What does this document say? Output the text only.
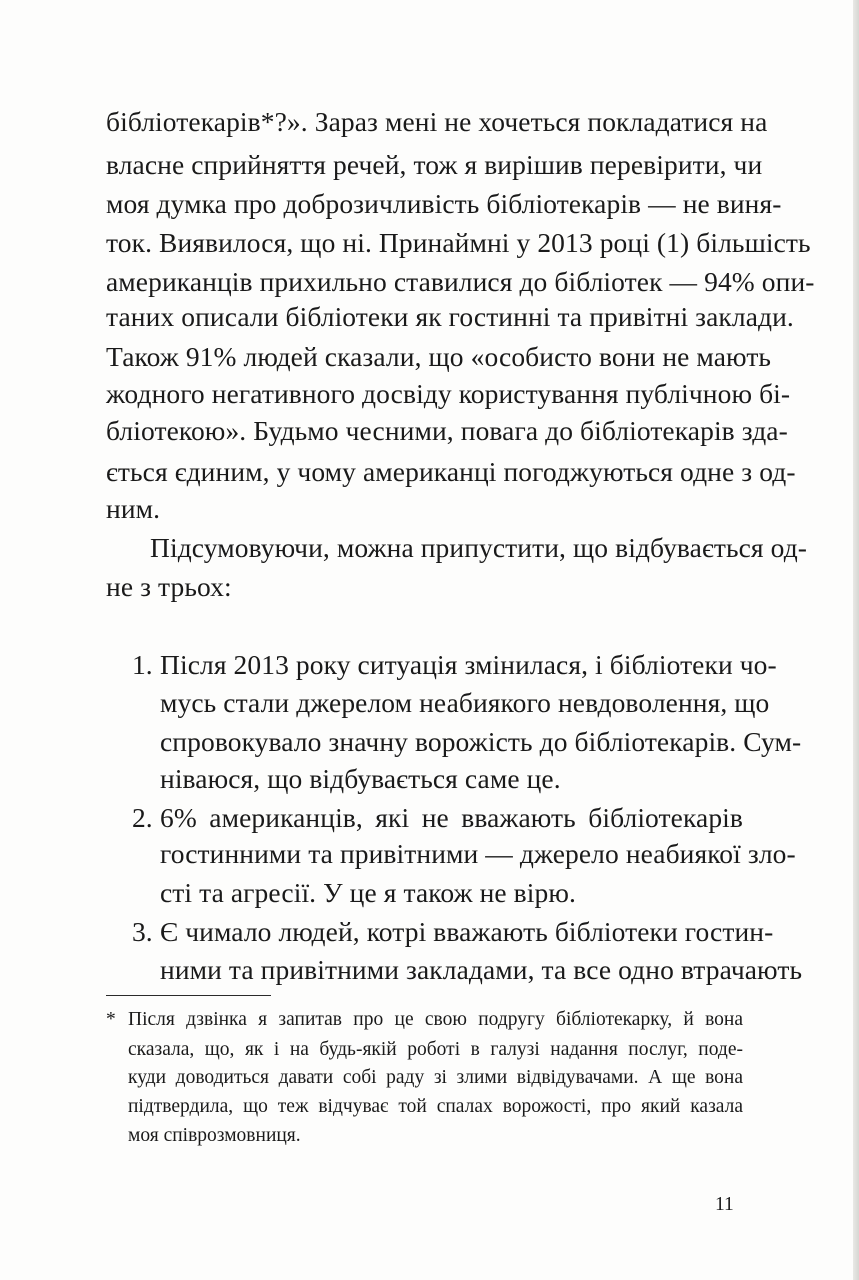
бібліотекарів*?». Зараз мені не хочеться покладатися на
власне сприйняття речей, тож я вирішив перевірити, чи
моя думка про доброзичливість бібліотекарів — не виня-
ток. Виявилося, що ні. Принаймні у 2013 році (1) більшість
американців прихильно ставилися до бібліотек — 94% опи-
таних описали бібліотеки як гостинні та привітні заклади.
Також 91% людей сказали, що «особисто вони не мають
жодного негативного досвіду користування публічною бі-
бліотекою». Будьмо чесними, повага до бібліотекарів зда-
ється єдиним, у чому американці погоджуються одне з од-
ним.
Підсумовуючи, можна припустити, що відбувається од-
не з трьох:
1. Після 2013 року ситуація змінилася, і бібліотеки чо-
мусь стали джерелом неабиякого невдоволення, що
спровокувало значну ворожість до бібліотекарів. Сум-
ніваюся, що відбувається саме це.
2. 6% американців, які не вважають бібліотекарів
гостинними та привітними — джерело неабиякої зло-
сті та агресії. У це я також не вірю.
3. Є чимало людей, котрі вважають бібліотеки гостин-
ними та привітними закладами, та все одно втрачають
* Після дзвінка я запитав про це свою подругу бібліотекарку, й вона
сказала, що, як і на будь-якій роботі в галузі надання послуг, поде-
куди доводиться давати собі раду зі злими відвідувачами. А ще вона
підтвердила, що теж відчуває той спалах ворожості, про який казала
моя співрозмовниця.
11
